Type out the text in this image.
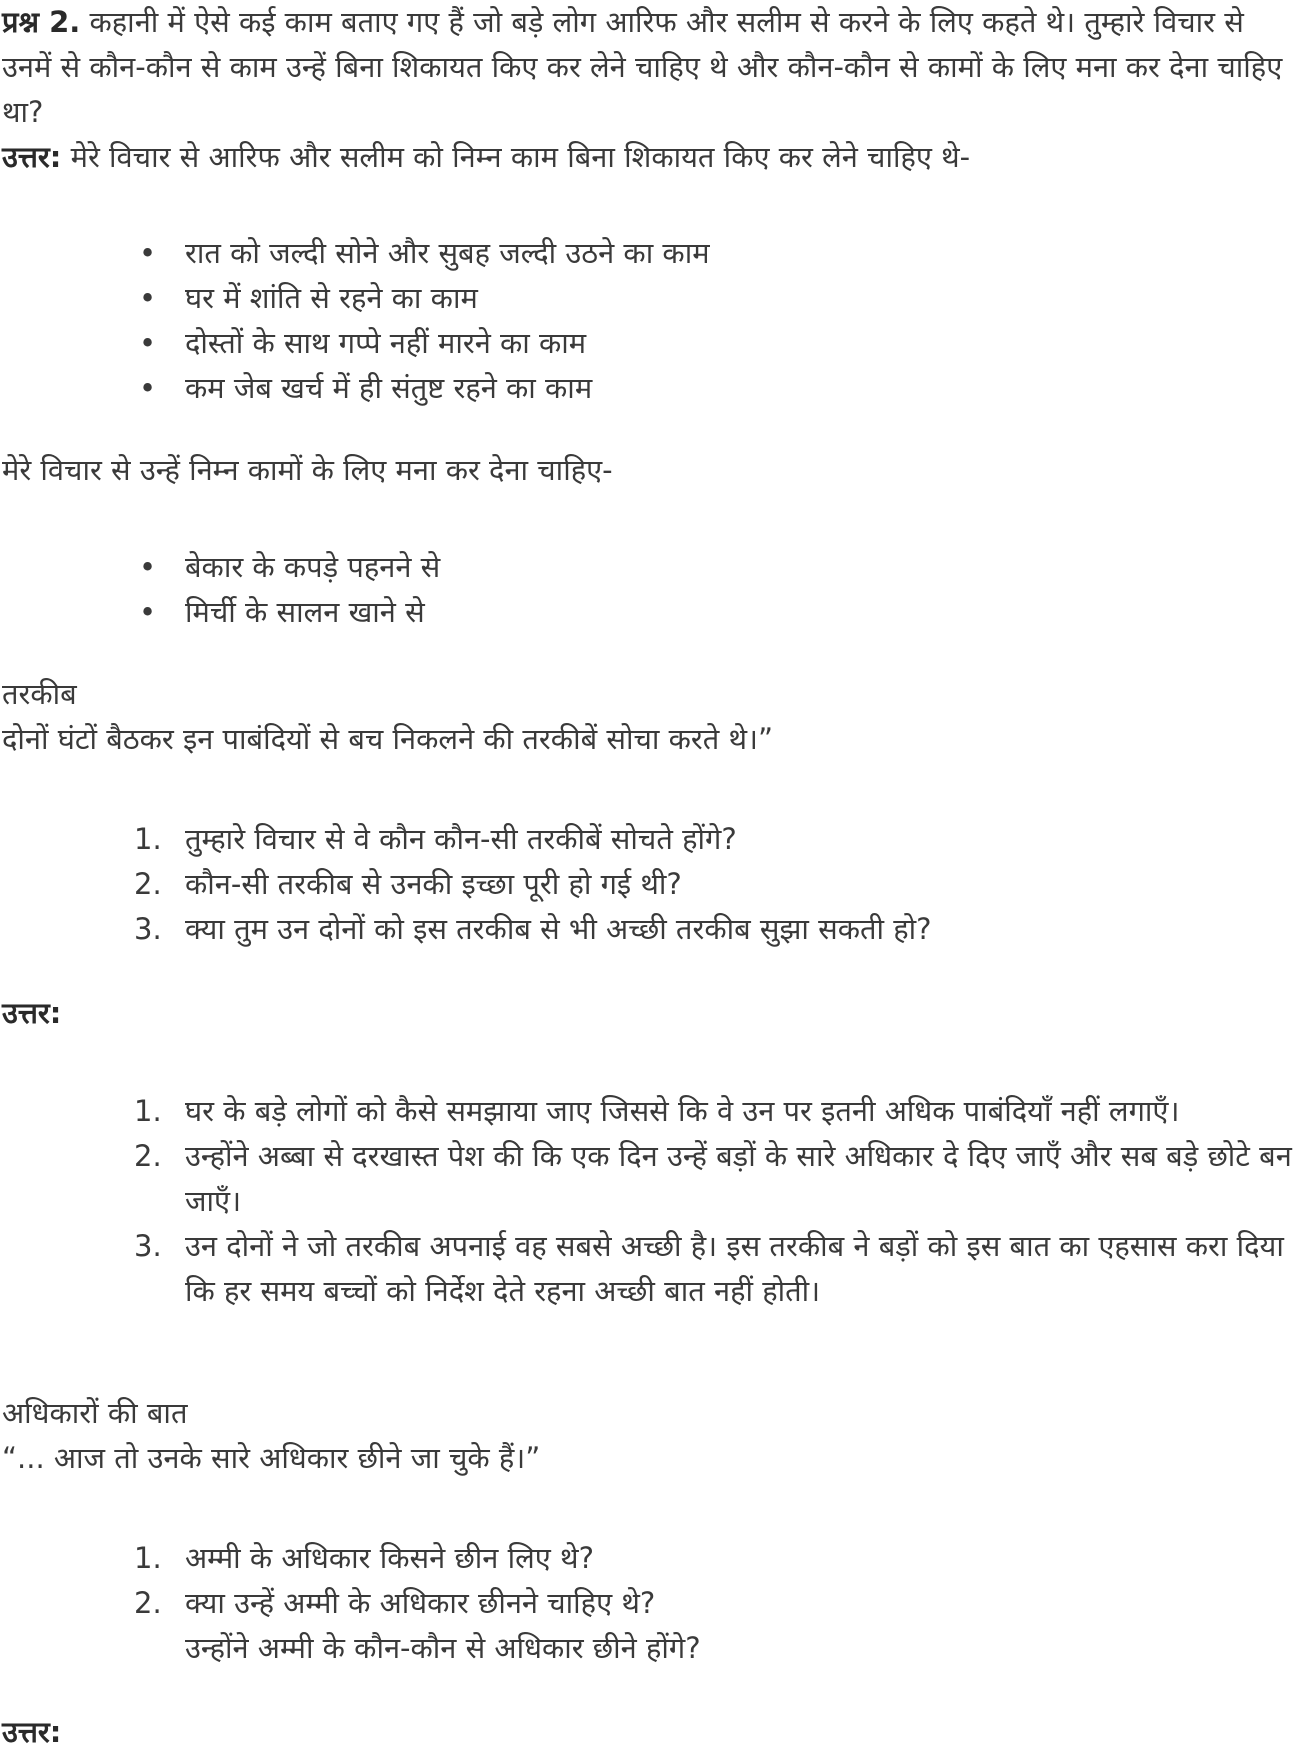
प्रश्न 2. कहानी में ऐसे कई काम बताए गए हैं जो बड़े लोग आरिफ और सलीम से करने के लिए कहते थे। तुम्हारे विचार से उनमें से कौन-कौन से काम उन्हें बिना शिकायत किए कर लेने चाहिए थे और कौन-कौन से कामों के लिए मना कर देना चाहिए था?
उत्तर: मेरे विचार से आरिफ और सलीम को निम्न काम बिना शिकायत किए कर लेने चाहिए थे-
• रात को जल्दी सोने और सुबह जल्दी उठने का काम
• घर में शांति से रहने का काम
• दोस्तों के साथ गप्पे नहीं मारने का काम
• कम जेब खर्च में ही संतुष्ट रहने का काम
मेरे विचार से उन्हें निम्न कामों के लिए मना कर देना चाहिए-
• बेकार के कपड़े पहनने से
• मिर्ची के सालन खाने से
तरकीब
दोनों घंटों बैठकर इन पाबंदियों से बच निकलने की तरकीबें सोचा करते थे।”
1. तुम्हारे विचार से वे कौन कौन-सी तरकीबें सोचते होंगे?
2. कौन-सी तरकीब से उनकी इच्छा पूरी हो गई थी?
3. क्या तुम उन दोनों को इस तरकीब से भी अच्छी तरकीब सुझा सकती हो?
उत्तर:
1. घर के बड़े लोगों को कैसे समझाया जाए जिससे कि वे उन पर इतनी अधिक पाबंदियाँ नहीं लगाएँ।
2. उन्होंने अब्बा से दरखास्त पेश की कि एक दिन उन्हें बड़ों के सारे अधिकार दे दिए जाएँ और सब बड़े छोटे बन जाएँ।
3. उन दोनों ने जो तरकीब अपनाई वह सबसे अच्छी है। इस तरकीब ने बड़ों को इस बात का एहसास करा दिया कि हर समय बच्चों को निर्देश देते रहना अच्छी बात नहीं होती।
अधिकारों की बात
“... आज तो उनके सारे अधिकार छीने जा चुके हैं।”
1. अम्मी के अधिकार किसने छीन लिए थे?
2. क्या उन्हें अम्मी के अधिकार छीनने चाहिए थे?
उन्होंने अम्मी के कौन-कौन से अधिकार छीने होंगे?
उत्तर:
